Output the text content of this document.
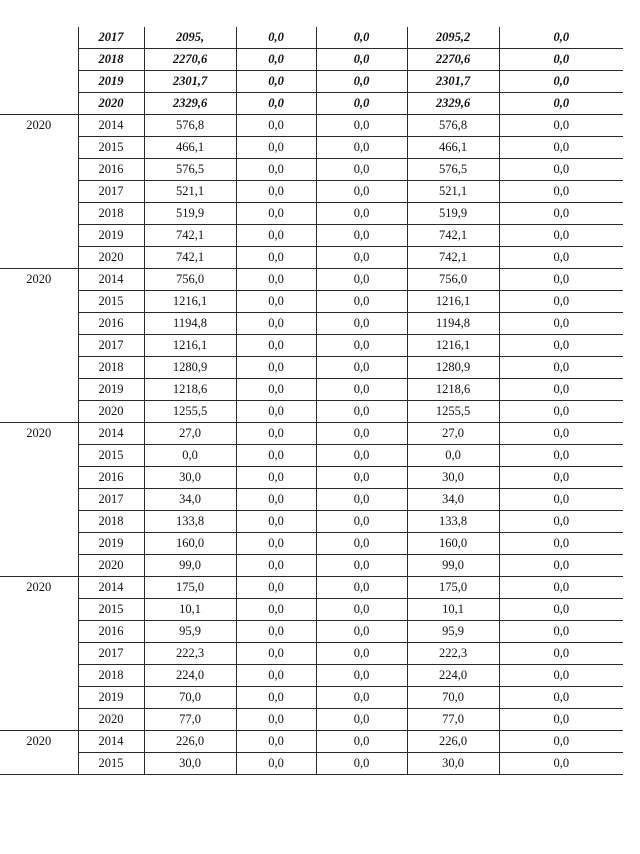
	2017	2095,	0,0	0,0	2095,2	0,0
	2018	2270,6	0,0	0,0	2270,6	0,0
	2019	2301,7	0,0	0,0	2301,7	0,0
	2020	2329,6	0,0	0,0	2329,6	0,0
2020	2014	576,8	0,0	0,0	576,8	0,0
	2015	466,1	0,0	0,0	466,1	0,0
	2016	576,5	0,0	0,0	576,5	0,0
	2017	521,1	0,0	0,0	521,1	0,0
	2018	519,9	0,0	0,0	519,9	0,0
	2019	742,1	0,0	0,0	742,1	0,0
	2020	742,1	0,0	0,0	742,1	0,0
2020	2014	756,0	0,0	0,0	756,0	0,0
	2015	1216,1	0,0	0,0	1216,1	0,0
	2016	1194,8	0,0	0,0	1194,8	0,0
	2017	1216,1	0,0	0,0	1216,1	0,0
	2018	1280,9	0,0	0,0	1280,9	0,0
	2019	1218,6	0,0	0,0	1218,6	0,0
	2020	1255,5	0,0	0,0	1255,5	0,0
2020	2014	27,0	0,0	0,0	27,0	0,0
	2015	0,0	0,0	0,0	0,0	0,0
	2016	30,0	0,0	0,0	30,0	0,0
	2017	34,0	0,0	0,0	34,0	0,0
	2018	133,8	0,0	0,0	133,8	0,0
	2019	160,0	0,0	0,0	160,0	0,0
	2020	99,0	0,0	0,0	99,0	0,0
2020	2014	175,0	0,0	0,0	175,0	0,0
	2015	10,1	0,0	0,0	10,1	0,0
	2016	95,9	0,0	0,0	95,9	0,0
	2017	222,3	0,0	0,0	222,3	0,0
	2018	224,0	0,0	0,0	224,0	0,0
	2019	70,0	0,0	0,0	70,0	0,0
	2020	77,0	0,0	0,0	77,0	0,0
2020	2014	226,0	0,0	0,0	226,0	0,0
	2015	30,0	0,0	0,0	30,0	0,0
